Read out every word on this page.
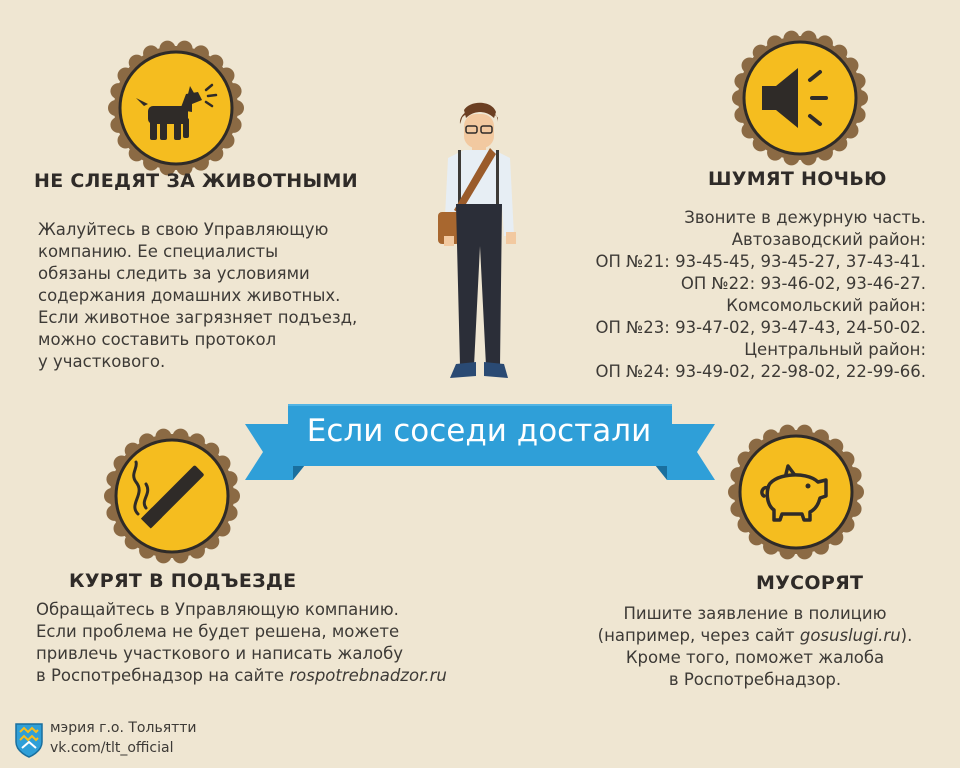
НЕ СЛЕДЯТ ЗА ЖИВОТНЫМИ	ШУМЯТ НОЧЬЮ
КУРЯТ В ПОДЪЕЗДЕ	МУСОРЯТ
Жалуйтесь в свою Управляющую
компанию. Ее специалисты
обязаны следить за условиями
содержания домашних животных.
Если животное загрязняет подъезд,
можно составить протокол
у участкового.
Звоните в дежурную часть.
Автозаводский район:
ОП №21: 93-45-45, 93-45-27, 37-43-41.
ОП №22: 93-46-02, 93-46-27.
Комсомольский район:
ОП №23: 93-47-02, 93-47-43, 24-50-02.
Центральный район:
ОП №24: 93-49-02, 22-98-02, 22-99-66.
Если соседи достали
Обращайтесь в Управляющую компанию.
Если проблема не будет решена, можете
привлечь участкового и написать жалобу
в Роспотребнадзор на сайте rospotrebnadzor.ru
Пишите заявление в полицию
(например, через сайт gosuslugi.ru).
Кроме того, поможет жалоба
в Роспотребнадзор.
мэрия г.о. Тольятти
vk.com/tlt_official
